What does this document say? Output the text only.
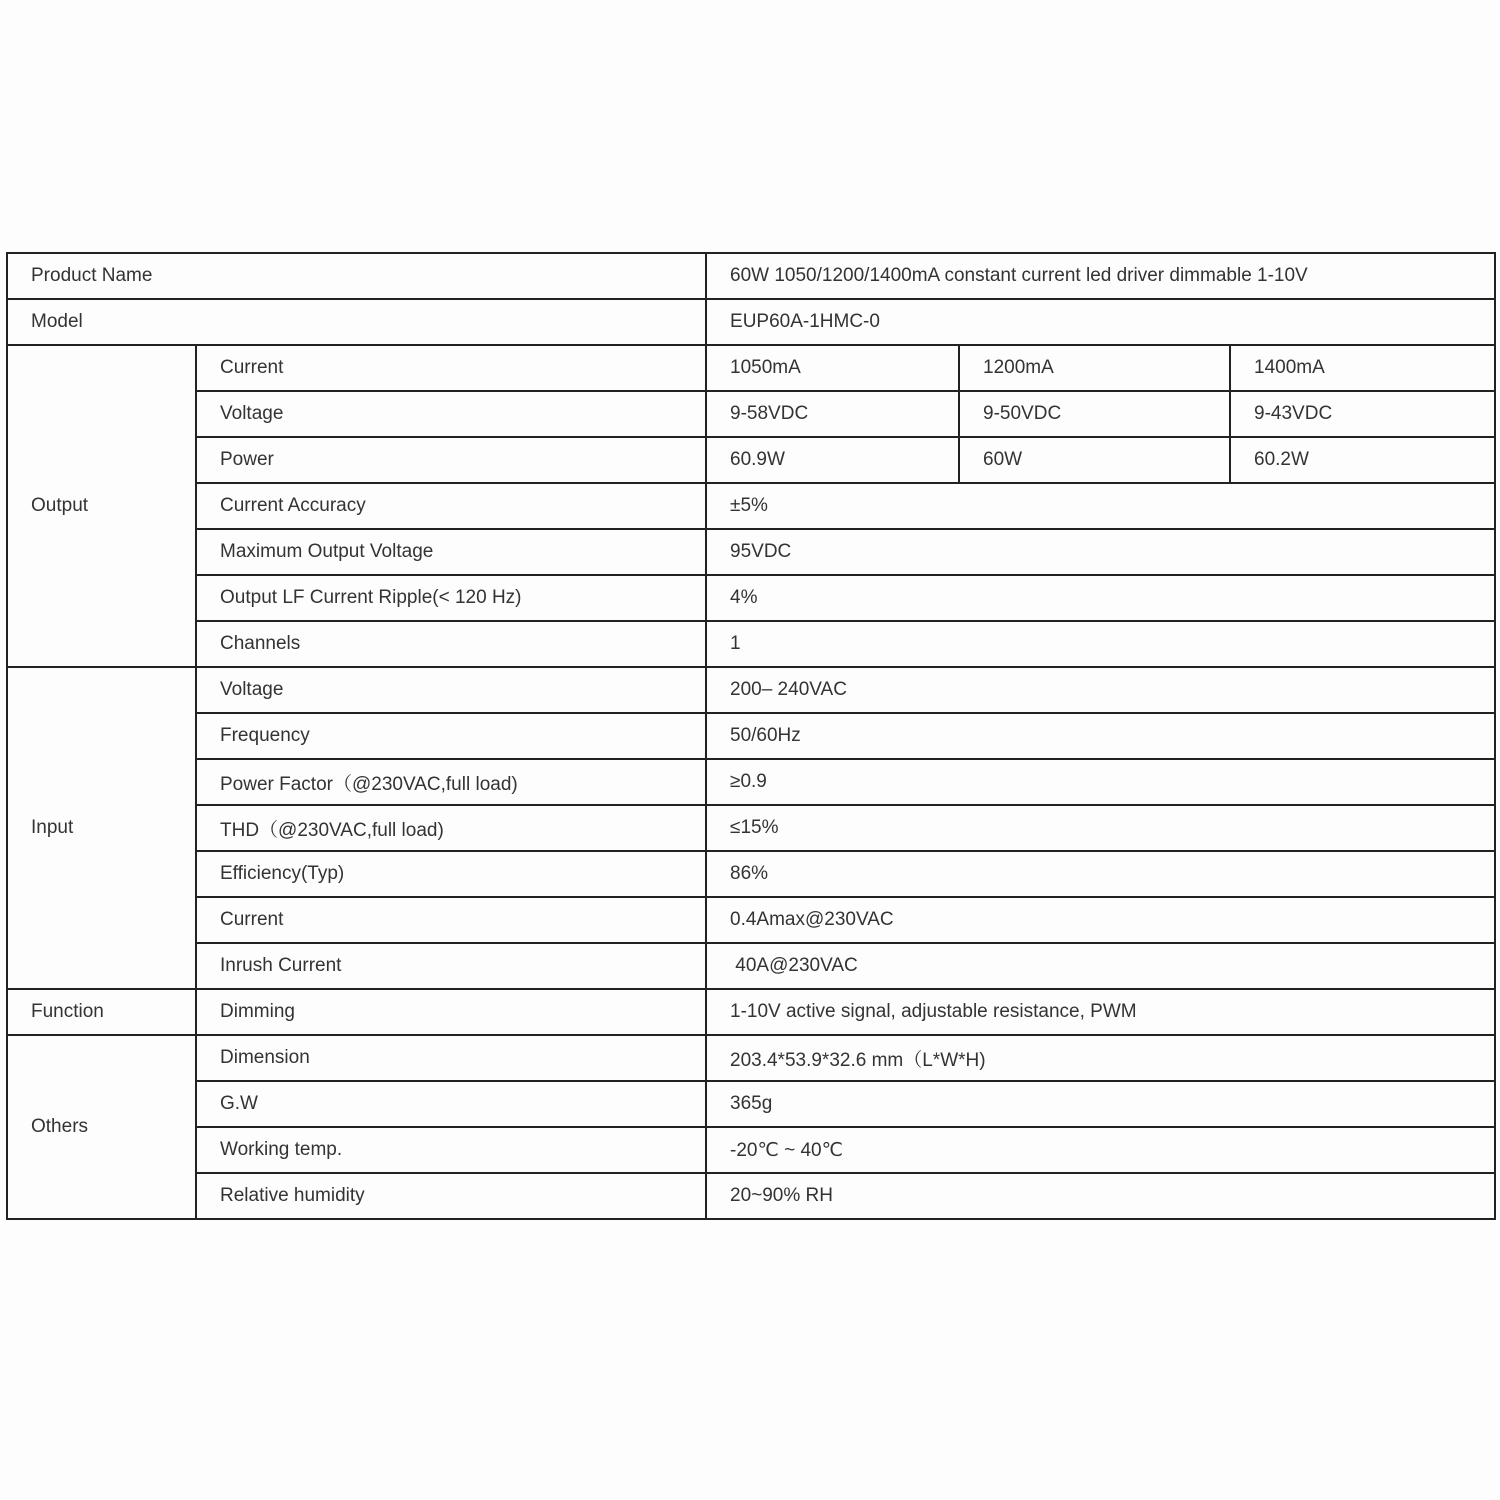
Product Name		60W 1050/1200/1400mA constant current led driver dimmable 1-10V		
Model		EUP60A-1HMC-0		
Output	Current	1050mA	1200mA	1400mA
	Voltage	9-58VDC	9-50VDC	9-43VDC
	Power	60.9W	60W	60.2W
	Current Accuracy	±5%		
	Maximum Output Voltage	95VDC		
	Output LF Current Ripple(< 120 Hz)	4%		
	Channels	1		
Input	Voltage	200– 240VAC		
	Frequency	50/60Hz		
	Power Factor（@230VAC,full load)	≥0.9		
	THD（@230VAC,full load)	≤15%		
	Efficiency(Typ)	86%		
	Current	0.4Amax@230VAC		
	Inrush Current	40A@230VAC		
Function	Dimming	1-10V active signal, adjustable resistance, PWM		
Others	Dimension	203.4*53.9*32.6 mm（L*W*H)		
	G.W	365g		
	Working temp.	-20℃ ~ 40℃		
	Relative humidity	20~90% RH		
